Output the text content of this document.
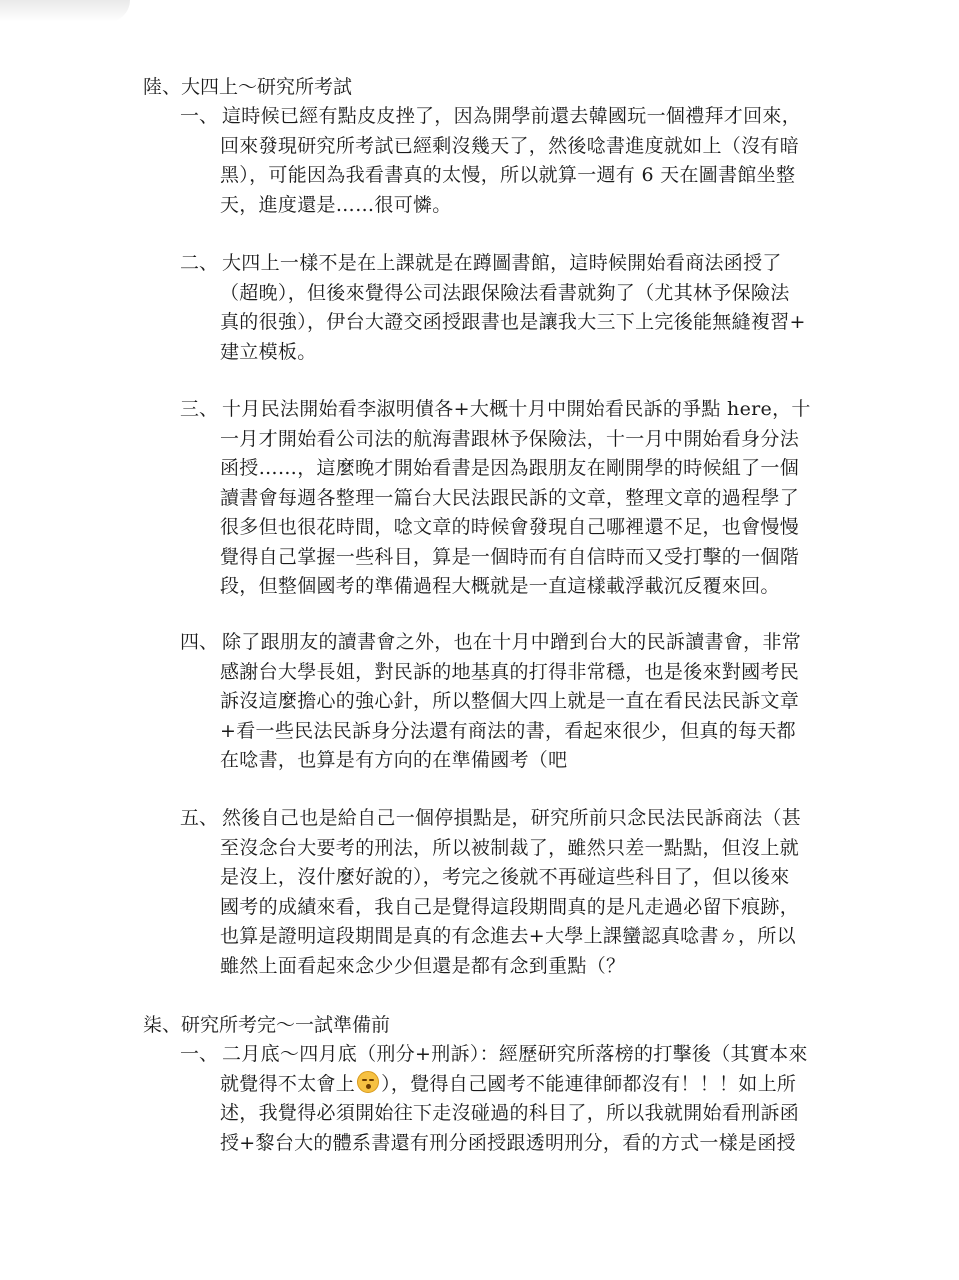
陸、大四上～研究所考試
一、 這時候已經有點皮皮挫了，因為開學前還去韓國玩一個禮拜才回來，
回來發現研究所考試已經剩沒幾天了，然後唸書進度就如上（沒有暗
黑），可能因為我看書真的太慢，所以就算一週有 6 天在圖書館坐整
天，進度還是……很可憐。
二、 大四上一樣不是在上課就是在蹲圖書館，這時候開始看商法函授了
（超晚），但後來覺得公司法跟保險法看書就夠了（尤其林予保險法
真的很強），伊台大證交函授跟書也是讓我大三下上完後能無縫複習+
建立模板。
三、 十月民法開始看李淑明債各+大概十月中開始看民訴的爭點 here，十
一月才開始看公司法的航海書跟林予保險法，十一月中開始看身分法
函授……，這麼晚才開始看書是因為跟朋友在剛開學的時候組了一個
讀書會每週各整理一篇台大民法跟民訴的文章，整理文章的過程學了
很多但也很花時間，唸文章的時候會發現自己哪裡還不足，也會慢慢
覺得自己掌握一些科目，算是一個時而有自信時而又受打擊的一個階
段，但整個國考的準備過程大概就是一直這樣載浮載沉反覆來回。
四、 除了跟朋友的讀書會之外，也在十月中蹭到台大的民訴讀書會，非常
感謝台大學長姐，對民訴的地基真的打得非常穩，也是後來對國考民
訴沒這麼擔心的強心針，所以整個大四上就是一直在看民法民訴文章
+看一些民法民訴身分法還有商法的書，看起來很少，但真的每天都
在唸書，也算是有方向的在準備國考（吧
五、 然後自己也是給自己一個停損點是，研究所前只念民法民訴商法（甚
至沒念台大要考的刑法，所以被制裁了，雖然只差一點點，但沒上就
是沒上，沒什麼好說的），考完之後就不再碰這些科目了，但以後來
國考的成績來看，我自己是覺得這段期間真的是凡走過必留下痕跡，
也算是證明這段期間是真的有念進去+大學上課蠻認真唸書ㄉ，所以
雖然上面看起來念少少但還是都有念到重點（？
柒、研究所考完～一試準備前
一、 二月底～四月底（刑分+刑訴）：經歷研究所落榜的打擊後（其實本來
就覺得不太會上 ），覺得自己國考不能連律師都沒有！！！如上所
述，我覺得必須開始往下走沒碰過的科目了，所以我就開始看刑訴函
授+黎台大的體系書還有刑分函授跟透明刑分，看的方式一樣是函授
